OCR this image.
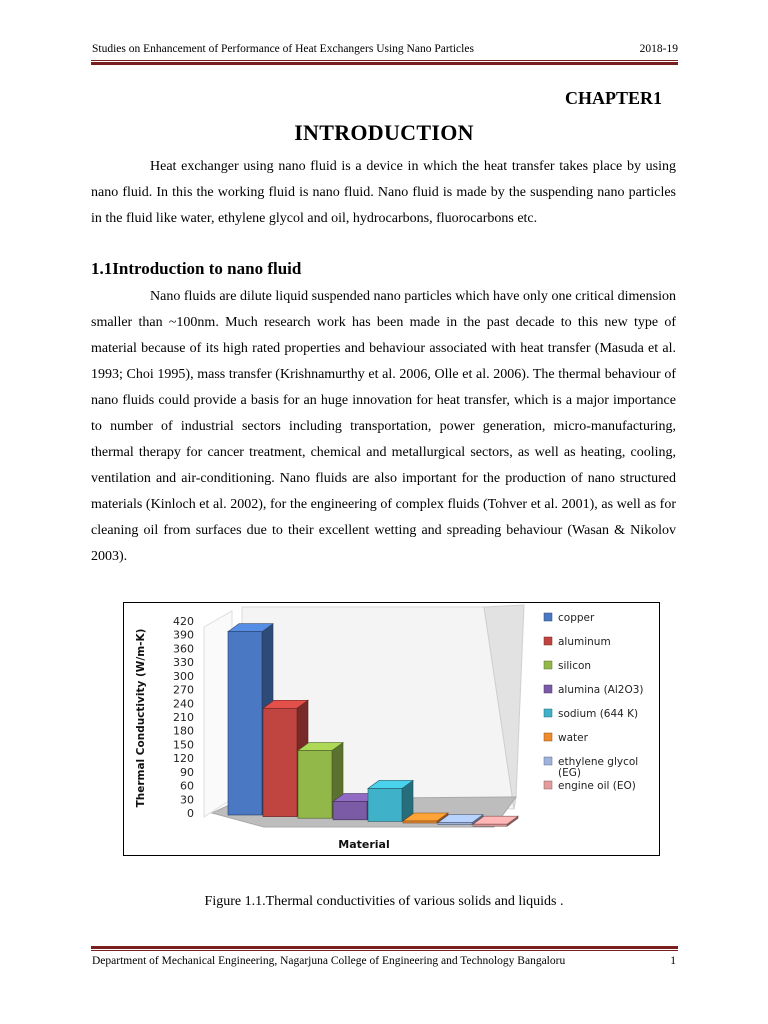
Studies on Enhancement of Performance of Heat Exchangers Using Nano Particles	2018-19
CHAPTER1
INTRODUCTION
Heat exchanger using nano fluid is a device in which the heat transfer takes place by using nano fluid. In this the working fluid is nano fluid. Nano fluid is made by the suspending nano particles in the fluid like water, ethylene glycol and oil, hydrocarbons, fluorocarbons etc.
1.1Introduction to nano fluid
Nano fluids are dilute liquid suspended nano particles which have only one critical dimension smaller than ~100nm. Much research work has been made in the past decade to this new type of material because of its high rated properties and behaviour associated with heat transfer (Masuda et al. 1993; Choi 1995), mass transfer (Krishnamurthy et al. 2006, Olle et al. 2006). The thermal behaviour of nano fluids could provide a basis for an huge innovation for heat transfer, which is a major importance to number of industrial sectors including transportation, power generation, micro-manufacturing, thermal therapy for cancer treatment, chemical and metallurgical sectors, as well as heating, cooling, ventilation and air-conditioning. Nano fluids are also important for the production of nano structured materials (Kinloch et al. 2002), for the engineering of complex fluids (Tohver et al. 2001), as well as for cleaning oil from surfaces due to their excellent wetting and spreading behaviour (Wasan & Nikolov 2003).
420
390
360
330
300
270
240
210
180
150
120
90
60
30
0
Thermal Conductivity (W/m-K)
Material
copper
aluminum
silicon
alumina (Al2O3)
sodium (644 K)
water
ethylene glycol
(EG)
engine oil (EO)
Figure 1.1.Thermal conductivities of various solids and liquids .
Department of Mechanical Engineering, Nagarjuna College of Engineering and Technology Bangaloru	1
